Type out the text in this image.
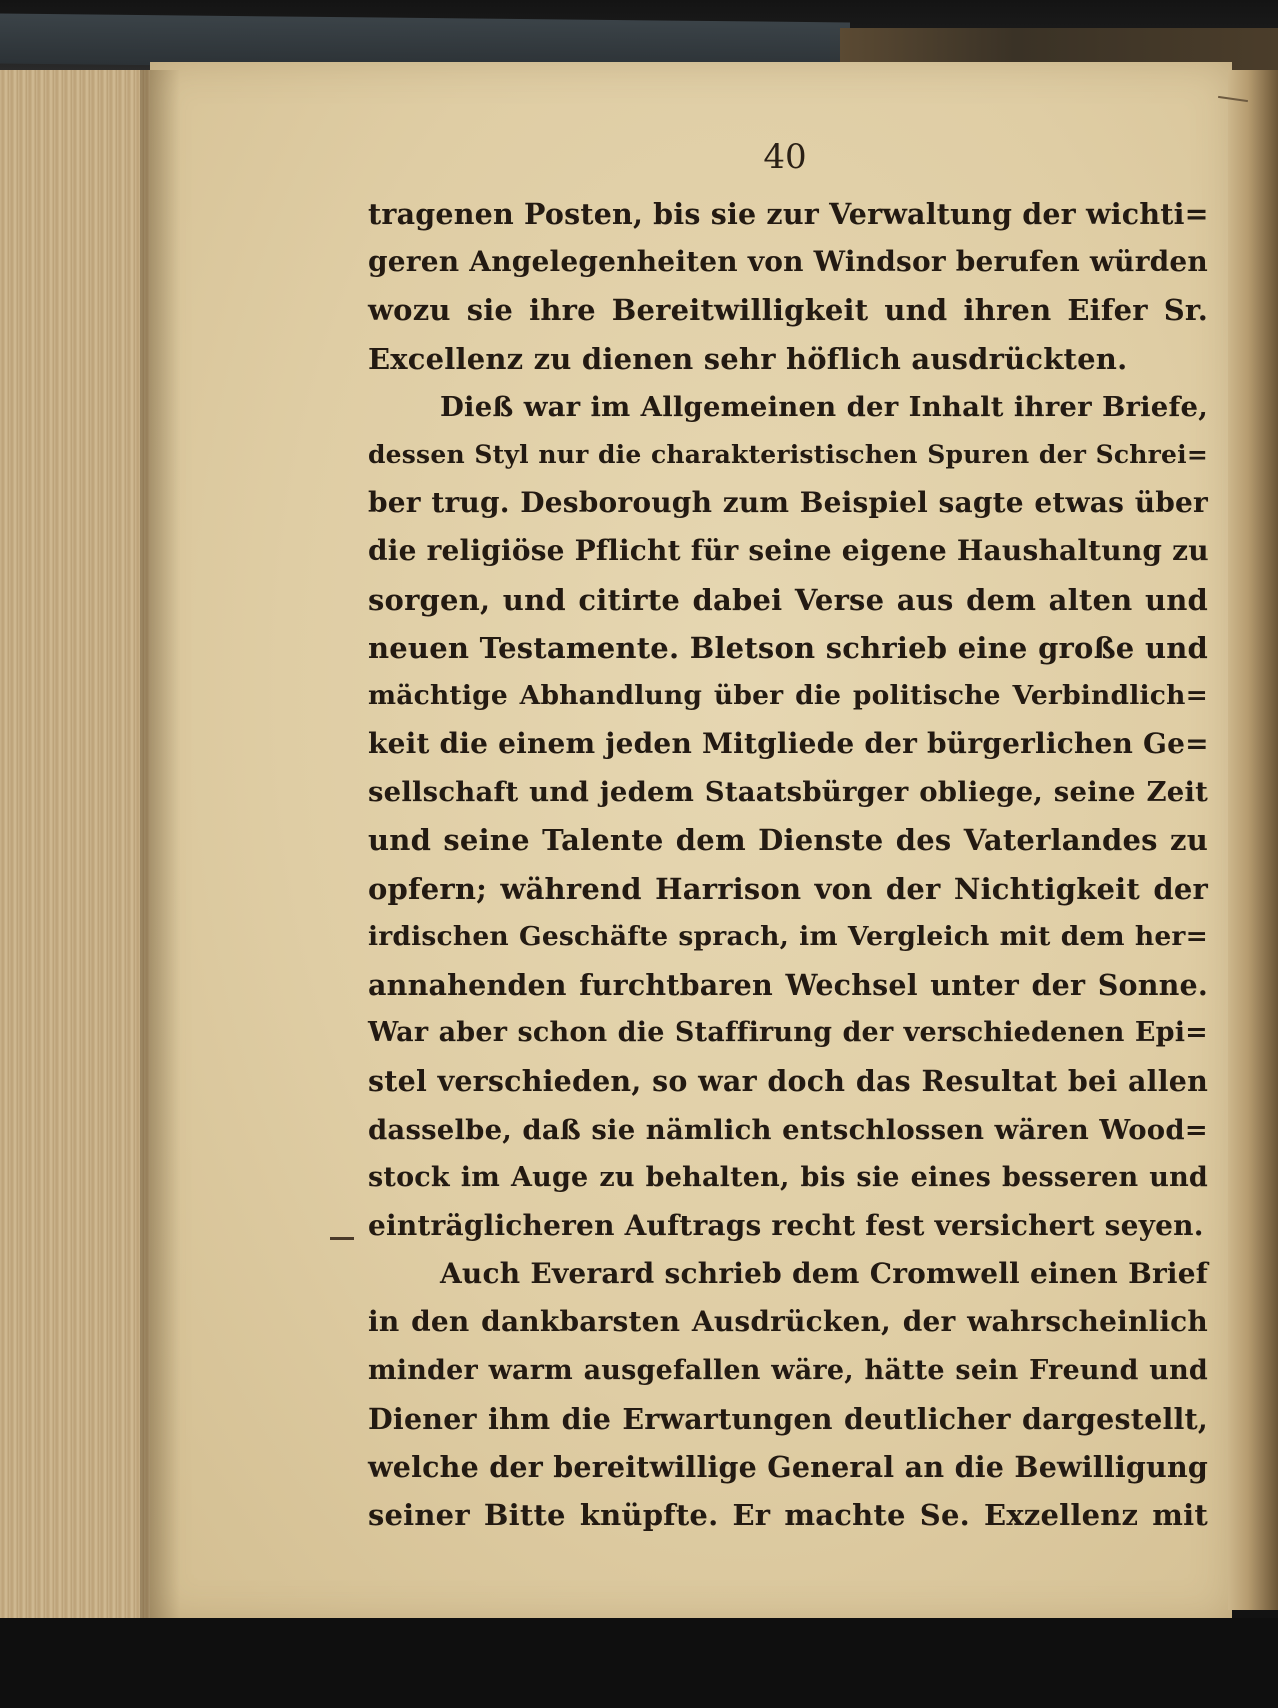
40
tragenen Posten, bis sie zur Verwaltung der wichti=
geren Angelegenheiten von Windsor berufen würden
wozu sie ihre Bereitwilligkeit und ihren Eifer Sr.
Excellenz zu dienen sehr höflich ausdrückten.
Dieß war im Allgemeinen der Inhalt ihrer Briefe,
dessen Styl nur die charakteristischen Spuren der Schrei=
ber trug. Desborough zum Beispiel sagte etwas über
die religiöse Pflicht für seine eigene Haushaltung zu
sorgen, und citirte dabei Verse aus dem alten und
neuen Testamente. Bletson schrieb eine große und
mächtige Abhandlung über die politische Verbindlich=
keit die einem jeden Mitgliede der bürgerlichen Ge=
sellschaft und jedem Staatsbürger obliege, seine Zeit
und seine Talente dem Dienste des Vaterlandes zu
opfern; während Harrison von der Nichtigkeit der
irdischen Geschäfte sprach, im Vergleich mit dem her=
annahenden furchtbaren Wechsel unter der Sonne.
War aber schon die Staffirung der verschiedenen Epi=
stel verschieden, so war doch das Resultat bei allen
dasselbe, daß sie nämlich entschlossen wären Wood=
stock im Auge zu behalten, bis sie eines besseren und
einträglicheren Auftrags recht fest versichert seyen.
Auch Everard schrieb dem Cromwell einen Brief
in den dankbarsten Ausdrücken, der wahrscheinlich
minder warm ausgefallen wäre, hätte sein Freund und
Diener ihm die Erwartungen deutlicher dargestellt,
welche der bereitwillige General an die Bewilligung
seiner Bitte knüpfte. Er machte Se. Exzellenz mit
